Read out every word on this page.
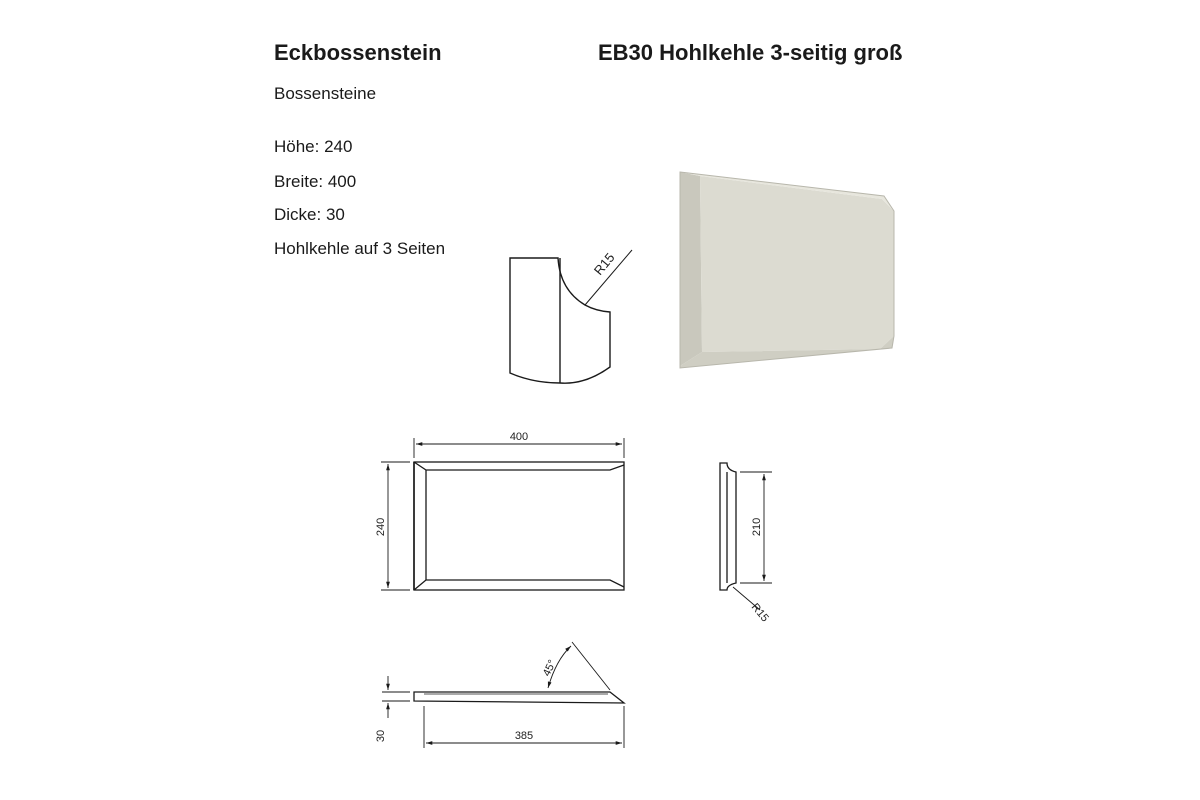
Eckbossenstein	EB30 Hohlkehle 3-seitig groß
Bossensteine
Höhe: 240
Breite: 400
Dicke: 30
Hohlkehle auf 3 Seiten
R15
400
240	210
R15
45°
30	385
